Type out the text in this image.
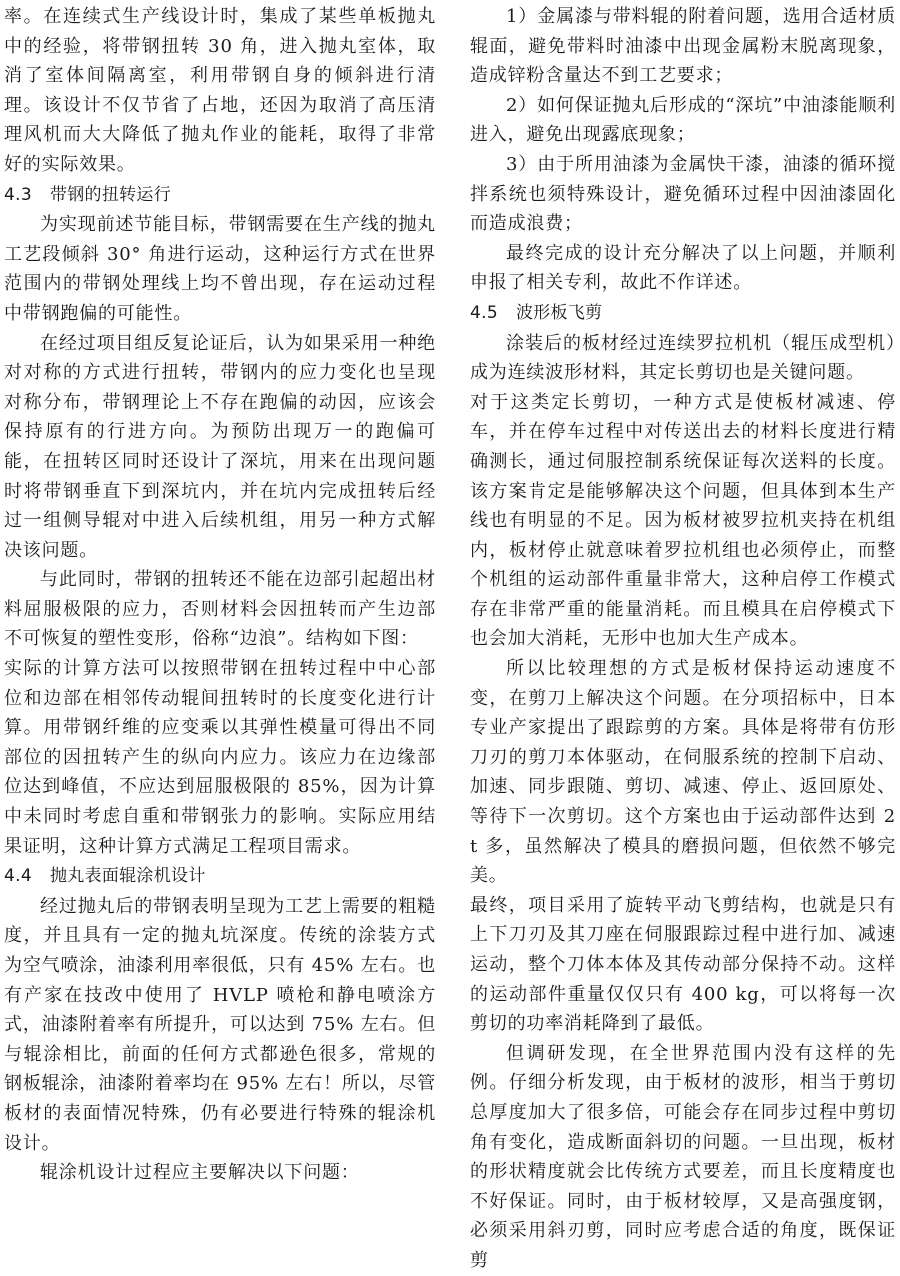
率。在连续式生产线设计时，集成了某些单板抛丸中的经验，将带钢扭转 30 角，进入抛丸室体，取消了室体间隔离室，利用带钢自身的倾斜进行清理。该设计不仅节省了占地，还因为取消了高压清理风机而大大降低了抛丸作业的能耗，取得了非常好的实际效果。

4.3 带钢的扭转运行

为实现前述节能目标，带钢需要在生产线的抛丸工艺段倾斜 30° 角进行运动，这种运行方式在世界范围内的带钢处理线上均不曾出现，存在运动过程中带钢跑偏的可能性。

在经过项目组反复论证后，认为如果采用一种绝对对称的方式进行扭转，带钢内的应力变化也呈现对称分布，带钢理论上不存在跑偏的动因，应该会保持原有的行进方向。为预防出现万一的跑偏可能，在扭转区同时还设计了深坑，用来在出现问题时将带钢垂直下到深坑内，并在坑内完成扭转后经过一组侧导辊对中进入后续机组，用另一种方式解决该问题。

与此同时，带钢的扭转还不能在边部引起超出材料屈服极限的应力，否则材料会因扭转而产生边部不可恢复的塑性变形，俗称“边浪”。结构如下图：

实际的计算方法可以按照带钢在扭转过程中中心部位和边部在相邻传动辊间扭转时的长度变化进行计算。用带钢纤维的应变乘以其弹性模量可得出不同部位的因扭转产生的纵向内应力。该应力在边缘部位达到峰值，不应达到屈服极限的 85%，因为计算中未同时考虑自重和带钢张力的影响。实际应用结果证明，这种计算方式满足工程项目需求。

4.4 抛丸表面辊涂机设计

经过抛丸后的带钢表明呈现为工艺上需要的粗糙度，并且具有一定的抛丸坑深度。传统的涂装方式为空气喷涂，油漆利用率很低，只有 45% 左右。也有产家在技改中使用了 HVLP 喷枪和静电喷涂方式，油漆附着率有所提升，可以达到 75% 左右。但与辊涂相比，前面的任何方式都逊色很多，常规的钢板辊涂，油漆附着率均在 95% 左右！所以，尽管板材的表面情况特殊，仍有必要进行特殊的辊涂机设计。

辊涂机设计过程应主要解决以下问题：

1）金属漆与带料辊的附着问题，选用合适材质辊面，避免带料时油漆中出现金属粉末脱离现象，造成锌粉含量达不到工艺要求；

2）如何保证抛丸后形成的“深坑”中油漆能顺利进入，避免出现露底现象；

3）由于所用油漆为金属快干漆，油漆的循环搅拌系统也须特殊设计，避免循环过程中因油漆固化而造成浪费；

最终完成的设计充分解决了以上问题，并顺利申报了相关专利，故此不作详述。

4.5 波形板飞剪

涂装后的板材经过连续罗拉机机（辊压成型机）成为连续波形材料，其定长剪切也是关键问题。

对于这类定长剪切，一种方式是使板材减速、停车，并在停车过程中对传送出去的材料长度进行精确测长，通过伺服控制系统保证每次送料的长度。该方案肯定是能够解决这个问题，但具体到本生产线也有明显的不足。因为板材被罗拉机夹持在机组内，板材停止就意味着罗拉机组也必须停止，而整个机组的运动部件重量非常大，这种启停工作模式存在非常严重的能量消耗。而且模具在启停模式下也会加大消耗，无形中也加大生产成本。

所以比较理想的方式是板材保持运动速度不变，在剪刀上解决这个问题。在分项招标中，日本专业产家提出了跟踪剪的方案。具体是将带有仿形刀刃的剪刀本体驱动，在伺服系统的控制下启动、加速、同步跟随、剪切、减速、停止、返回原处、等待下一次剪切。这个方案也由于运动部件达到 2 t 多，虽然解决了模具的磨损问题，但依然不够完美。

最终，项目采用了旋转平动飞剪结构，也就是只有上下刀刃及其刀座在伺服跟踪过程中进行加、减速运动，整个刀体本体及其传动部分保持不动。这样的运动部件重量仅仅只有 400 kg，可以将每一次剪切的功率消耗降到了最低。

但调研发现，在全世界范围内没有这样的先例。仔细分析发现，由于板材的波形，相当于剪切总厚度加大了很多倍，可能会存在同步过程中剪切角有变化，造成断面斜切的问题。一旦出现，板材的形状精度就会比传统方式要差，而且长度精度也不好保证。同时，由于板材较厚，又是高强度钢，必须采用斜刃剪，同时应考虑合适的角度，既保证剪
